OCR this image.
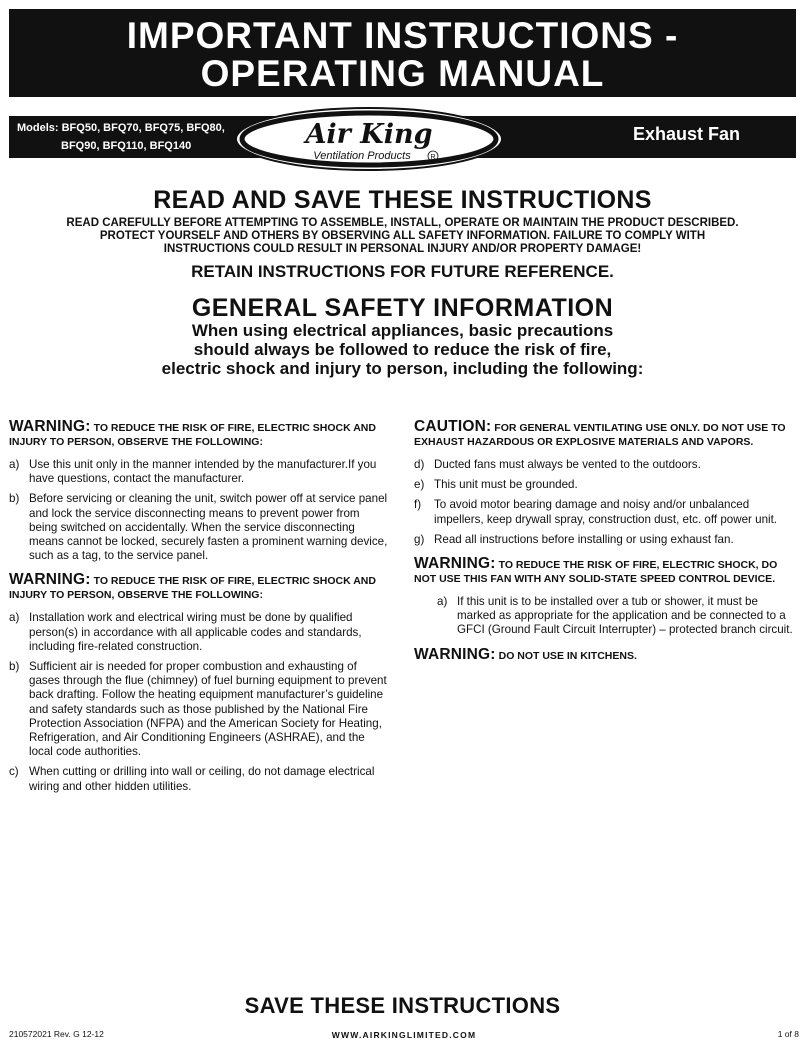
IMPORTANT INSTRUCTIONS -
OPERATING MANUAL
Models: BFQ50, BFQ70, BFQ75, BFQ80,
BFQ90, BFQ110, BFQ140
Exhaust Fan
Air King
Ventilation Products	R
READ AND SAVE THESE INSTRUCTIONS
READ CAREFULLY BEFORE ATTEMPTING TO ASSEMBLE, INSTALL, OPERATE OR MAINTAIN THE PRODUCT DESCRIBED.
PROTECT YOURSELF AND OTHERS BY OBSERVING ALL SAFETY INFORMATION. FAILURE TO COMPLY WITH
INSTRUCTIONS COULD RESULT IN PERSONAL INJURY AND/OR PROPERTY DAMAGE!
RETAIN INSTRUCTIONS FOR FUTURE REFERENCE.
GENERAL SAFETY INFORMATION
When using electrical appliances, basic precautions
should always be followed to reduce the risk of fire,
electric shock and injury to person, including the following:
WARNING: TO REDUCE THE RISK OF FIRE, ELECTRIC SHOCK AND INJURY TO PERSON, OBSERVE THE FOLLOWING:
a) Use this unit only in the manner intended by the manufacturer.If you have questions, contact the manufacturer.
b) Before servicing or cleaning the unit, switch power off at service panel and lock the service disconnecting means to prevent power from being switched on accidentally. When the service disconnecting means cannot be locked, securely fasten a prominent warning device, such as a tag, to the service panel.
WARNING: TO REDUCE THE RISK OF FIRE, ELECTRIC SHOCK AND INJURY TO PERSON, OBSERVE THE FOLLOWING:
a) Installation work and electrical wiring must be done by qualified person(s) in accordance with all applicable codes and standards, including fire-related construction.
b) Sufficient air is needed for proper combustion and exhausting of gases through the flue (chimney) of fuel burning equipment to prevent back drafting. Follow the heating equipment manufacturer’s guideline and safety standards such as those published by the National Fire Protection Association (NFPA) and the American Society for Heating, Refrigeration, and Air Conditioning Engineers (ASHRAE), and the local code authorities.
c) When cutting or drilling into wall or ceiling, do not damage electrical wiring and other hidden utilities.
CAUTION: FOR GENERAL VENTILATING USE ONLY. DO NOT USE TO EXHAUST HAZARDOUS OR EXPLOSIVE MATERIALS AND VAPORS.
d) Ducted fans must always be vented to the outdoors.
e) This unit must be grounded.
f) To avoid motor bearing damage and noisy and/or unbalanced impellers, keep drywall spray, construction dust, etc. off power unit.
g) Read all instructions before installing or using exhaust fan.
WARNING: TO REDUCE THE RISK OF FIRE, ELECTRIC SHOCK, DO NOT USE THIS FAN WITH ANY SOLID-STATE SPEED CONTROL DEVICE.
a) If this unit is to be installed over a tub or shower, it must be marked as appropriate for the application and be connected to a GFCI (Ground Fault Circuit Interrupter) – protected branch circuit.
WARNING: DO NOT USE IN KITCHENS.
SAVE THESE INSTRUCTIONS
210572021 Rev. G 12-12	WWW.AIRKINGLIMITED.COM	1 of 8
